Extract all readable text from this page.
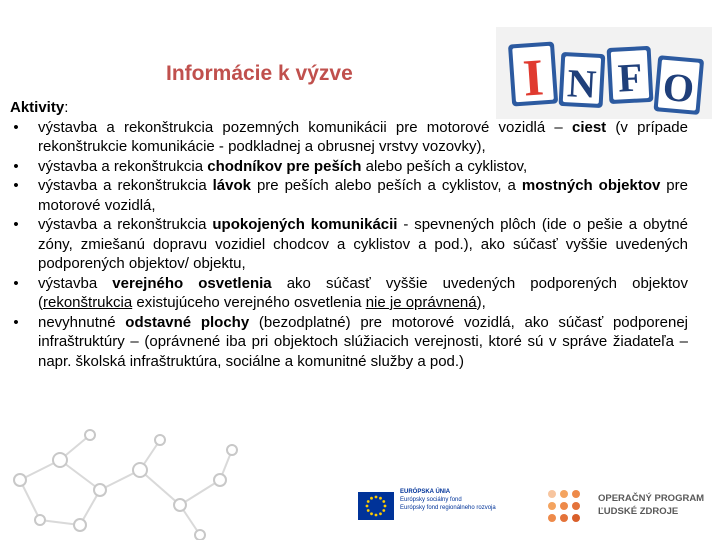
Informácie k výzve	I N F O

Aktivity:

• výstavba a rekonštrukcia pozemných komunikácii pre motorové vozidlá – ciest (v prípade rekonštrukcie komunikácie - podkladnej a obrusnej vrstvy vozovky),
• výstavba a rekonštrukcia chodníkov pre peších alebo peších a cyklistov,
• výstavba a rekonštrukcia lávok pre peších alebo peších a cyklistov, a mostných objektov pre motorové vozidlá,
• výstavba a rekonštrukcia upokojených komunikácii - spevnených plôch (ide o pešie a obytné zóny, zmiešanú dopravu vozidiel chodcov a cyklistov a pod.), ako súčasť vyššie uvedených podporených objektov/ objektu,
• výstavba verejného osvetlenia ako súčasť vyššie uvedených podporených objektov (rekonštrukcia existujúceho verejného osvetlenia nie je oprávnená),
• nevyhnutné odstavné plochy (bezodplatné) pre motorové vozidlá, ako súčasť podporenej infraštruktúry – (oprávnené iba pri objektoch slúžiacich verejnosti, ktoré sú v správe žiadateľa – napr. školská infraštruktúra, sociálne a komunitné služby a pod.)
EURÓPSKA ÚNIA
Európsky sociálny fond
Európsky fond regionálneho rozvoja
OPERAČNÝ PROGRAM
ĽUDSKÉ ZDROJE
